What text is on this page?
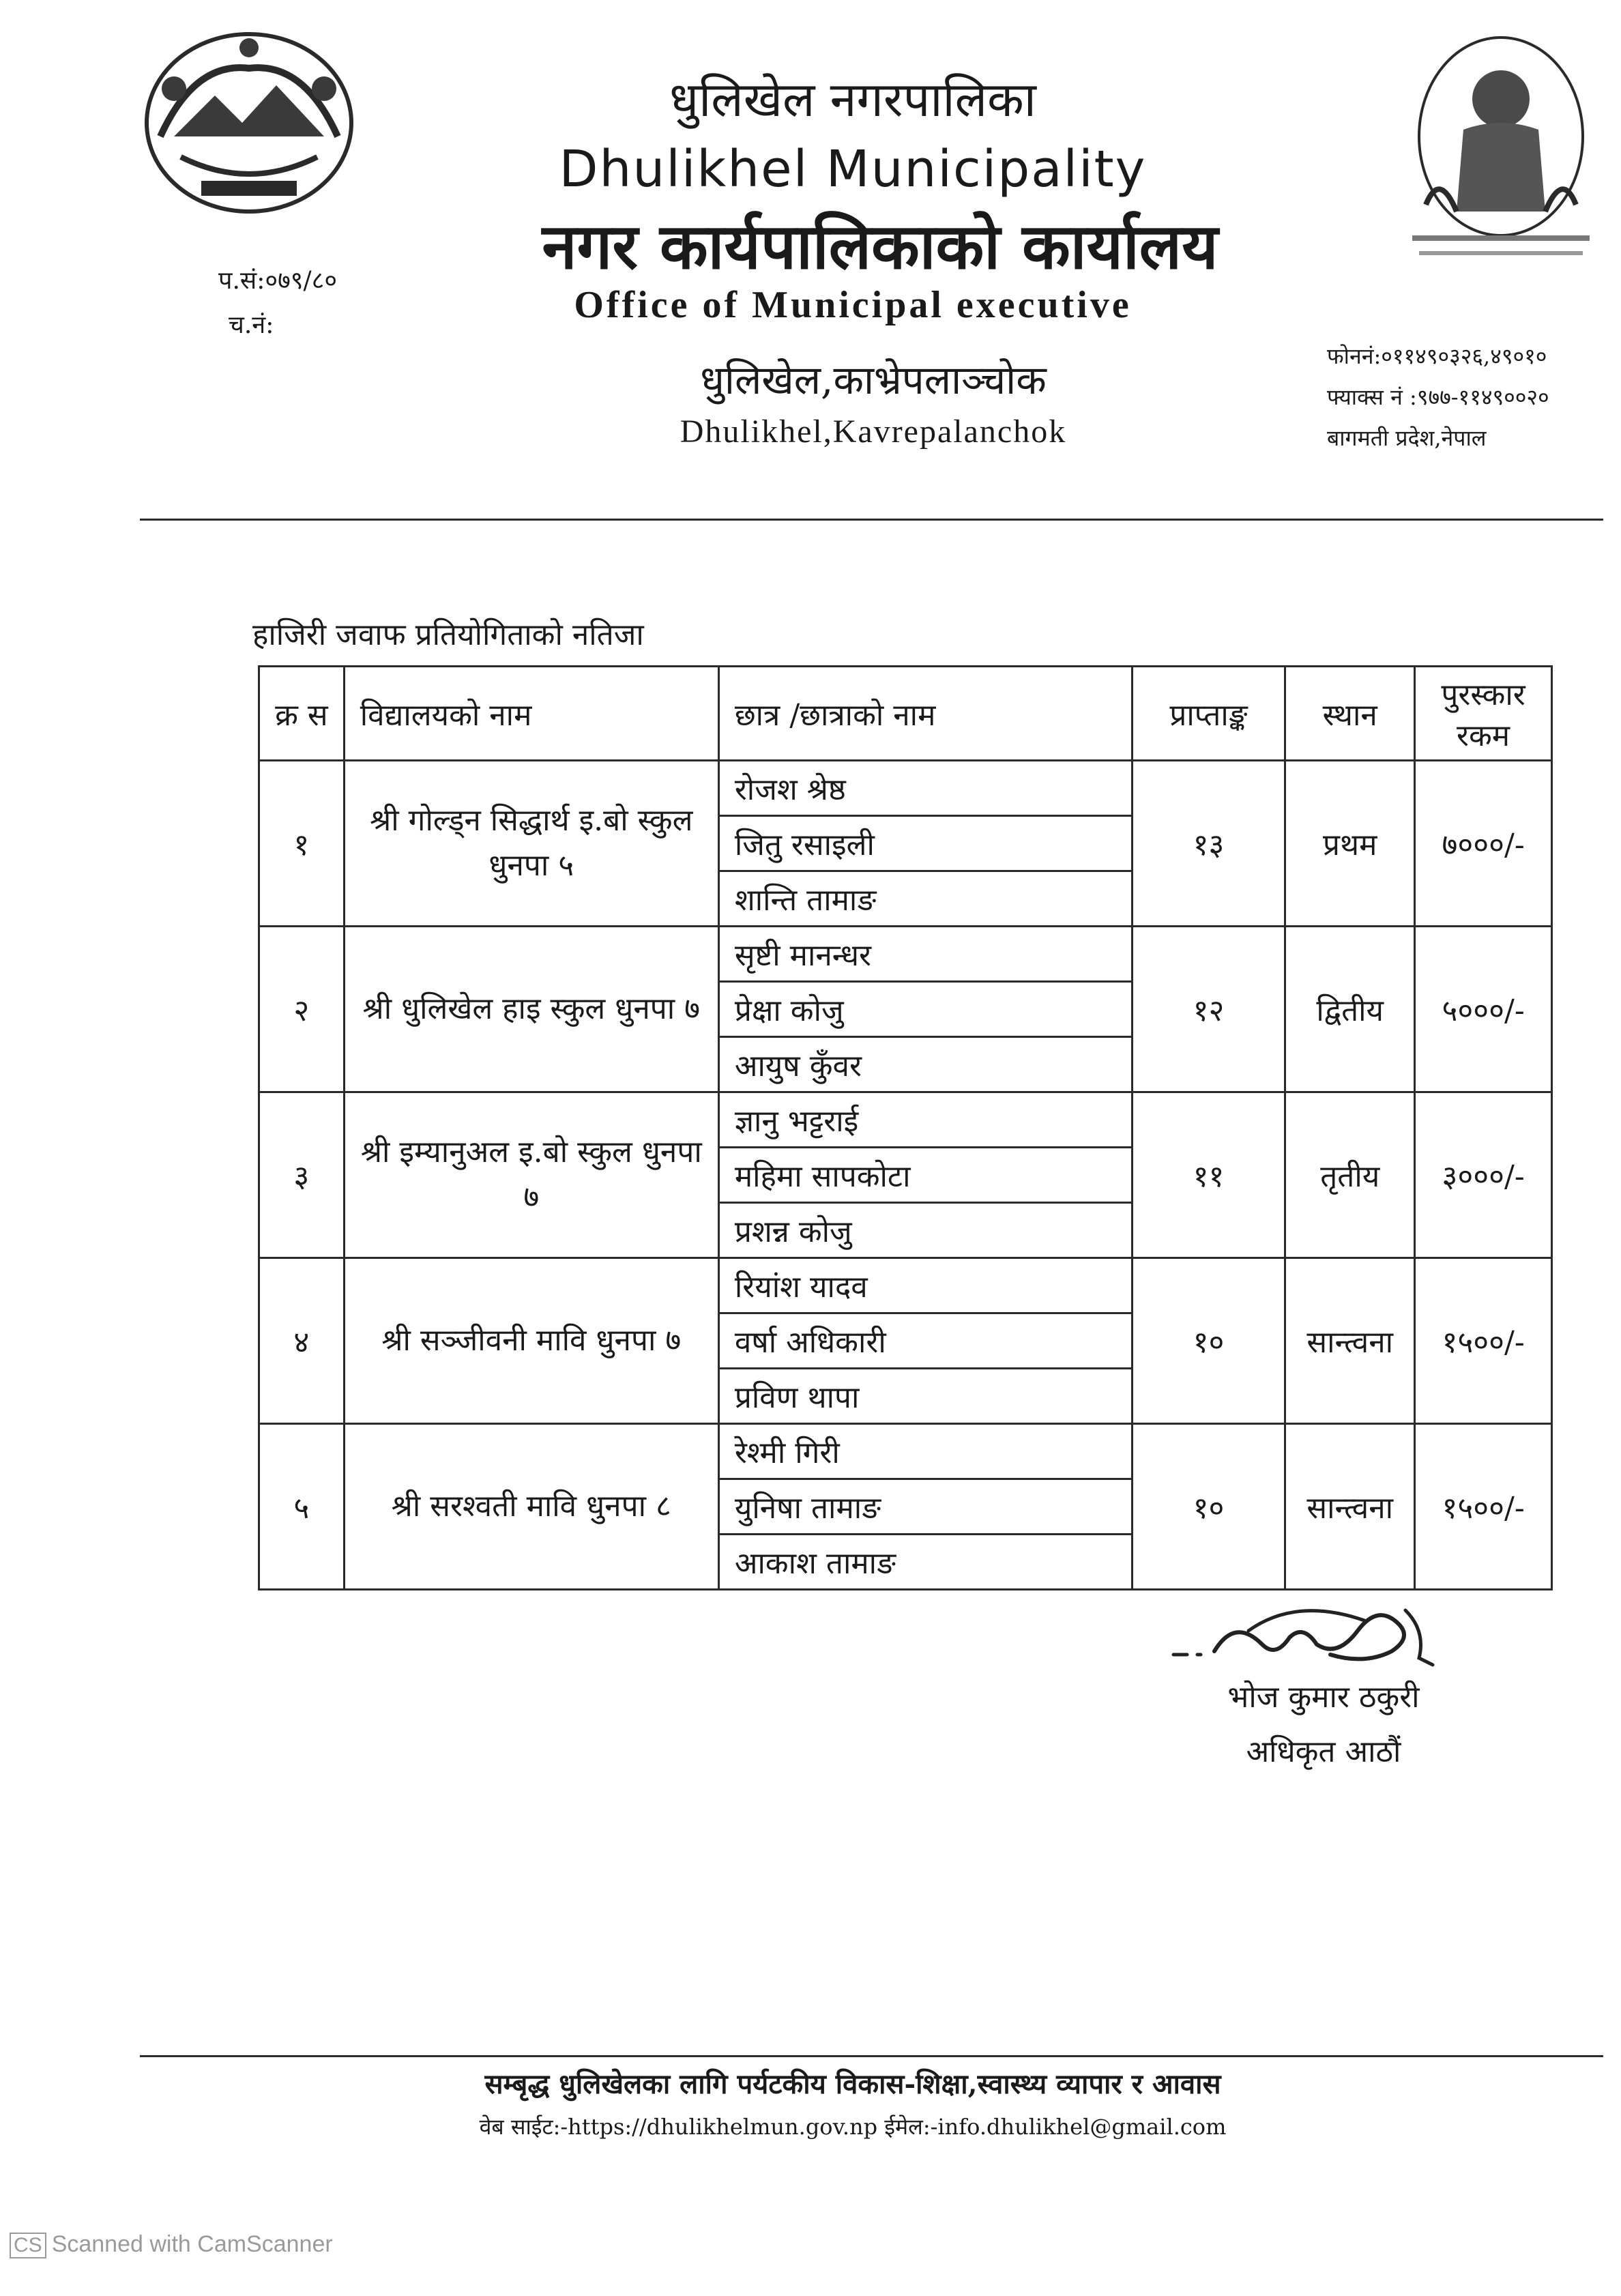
धुलिखेल नगरपालिका
Dhulikhel Municipality
नगर कार्यपालिकाको कार्यालय
Office of Municipal executive
धुलिखेल,काभ्रेपलाञ्चोक
Dhulikhel,Kavrepalanchok
प.सं:०७९/८०
च.नं:
फोननं:०११४९०३२६,४९०१०
फ्याक्स नं :९७७-११४९००२०
बागमती प्रदेश,नेपाल
हाजिरी जवाफ प्रतियोगिताको नतिजा
क्र स	विद्यालयको नाम	छात्र /छात्राको नाम	प्राप्ताङ्क	स्थान	पुरस्कार
रकम

१	श्री गोल्ड्न सिद्धार्थ इ.बो स्कुल धुनपा ५	रोजश श्रेष्ठ	१३	प्रथम	७०००/-
		जितु रसाइली			
		शान्ति तामाङ			
२	श्री धुलिखेल हाइ स्कुल धुनपा ७	सृष्टी मानन्धर	१२	द्वितीय	५०००/-
		प्रेक्षा कोजु			
		आयुष कुँवर			
३	श्री इम्यानुअल इ.बो स्कुल धुनपा ७	ज्ञानु भट्टराई	११	तृतीय	३०००/-
		महिमा सापकोटा			
		प्रशन्न कोजु			
४	श्री सञ्जीवनी मावि धुनपा ७	रियांश यादव	१०	सान्त्वना	१५००/-
		वर्षा अधिकारी			
		प्रविण थापा			
५	श्री सरश्वती मावि धुनपा ८	रेश्मी गिरी	१०	सान्त्वना	१५००/-
		युनिषा तामाङ			
		आकाश तामाङ			
भोज कुमार ठकुरी
अधिकृत आठौं
सम्बृद्ध धुलिखेलका लागि पर्यटकीय विकास-शिक्षा,स्वास्थ्य व्यापार र आवास
वेब साईट:-https://dhulikhelmun.gov.np ईमेल:-info.dhulikhel@gmail.com
CS Scanned with CamScanner
